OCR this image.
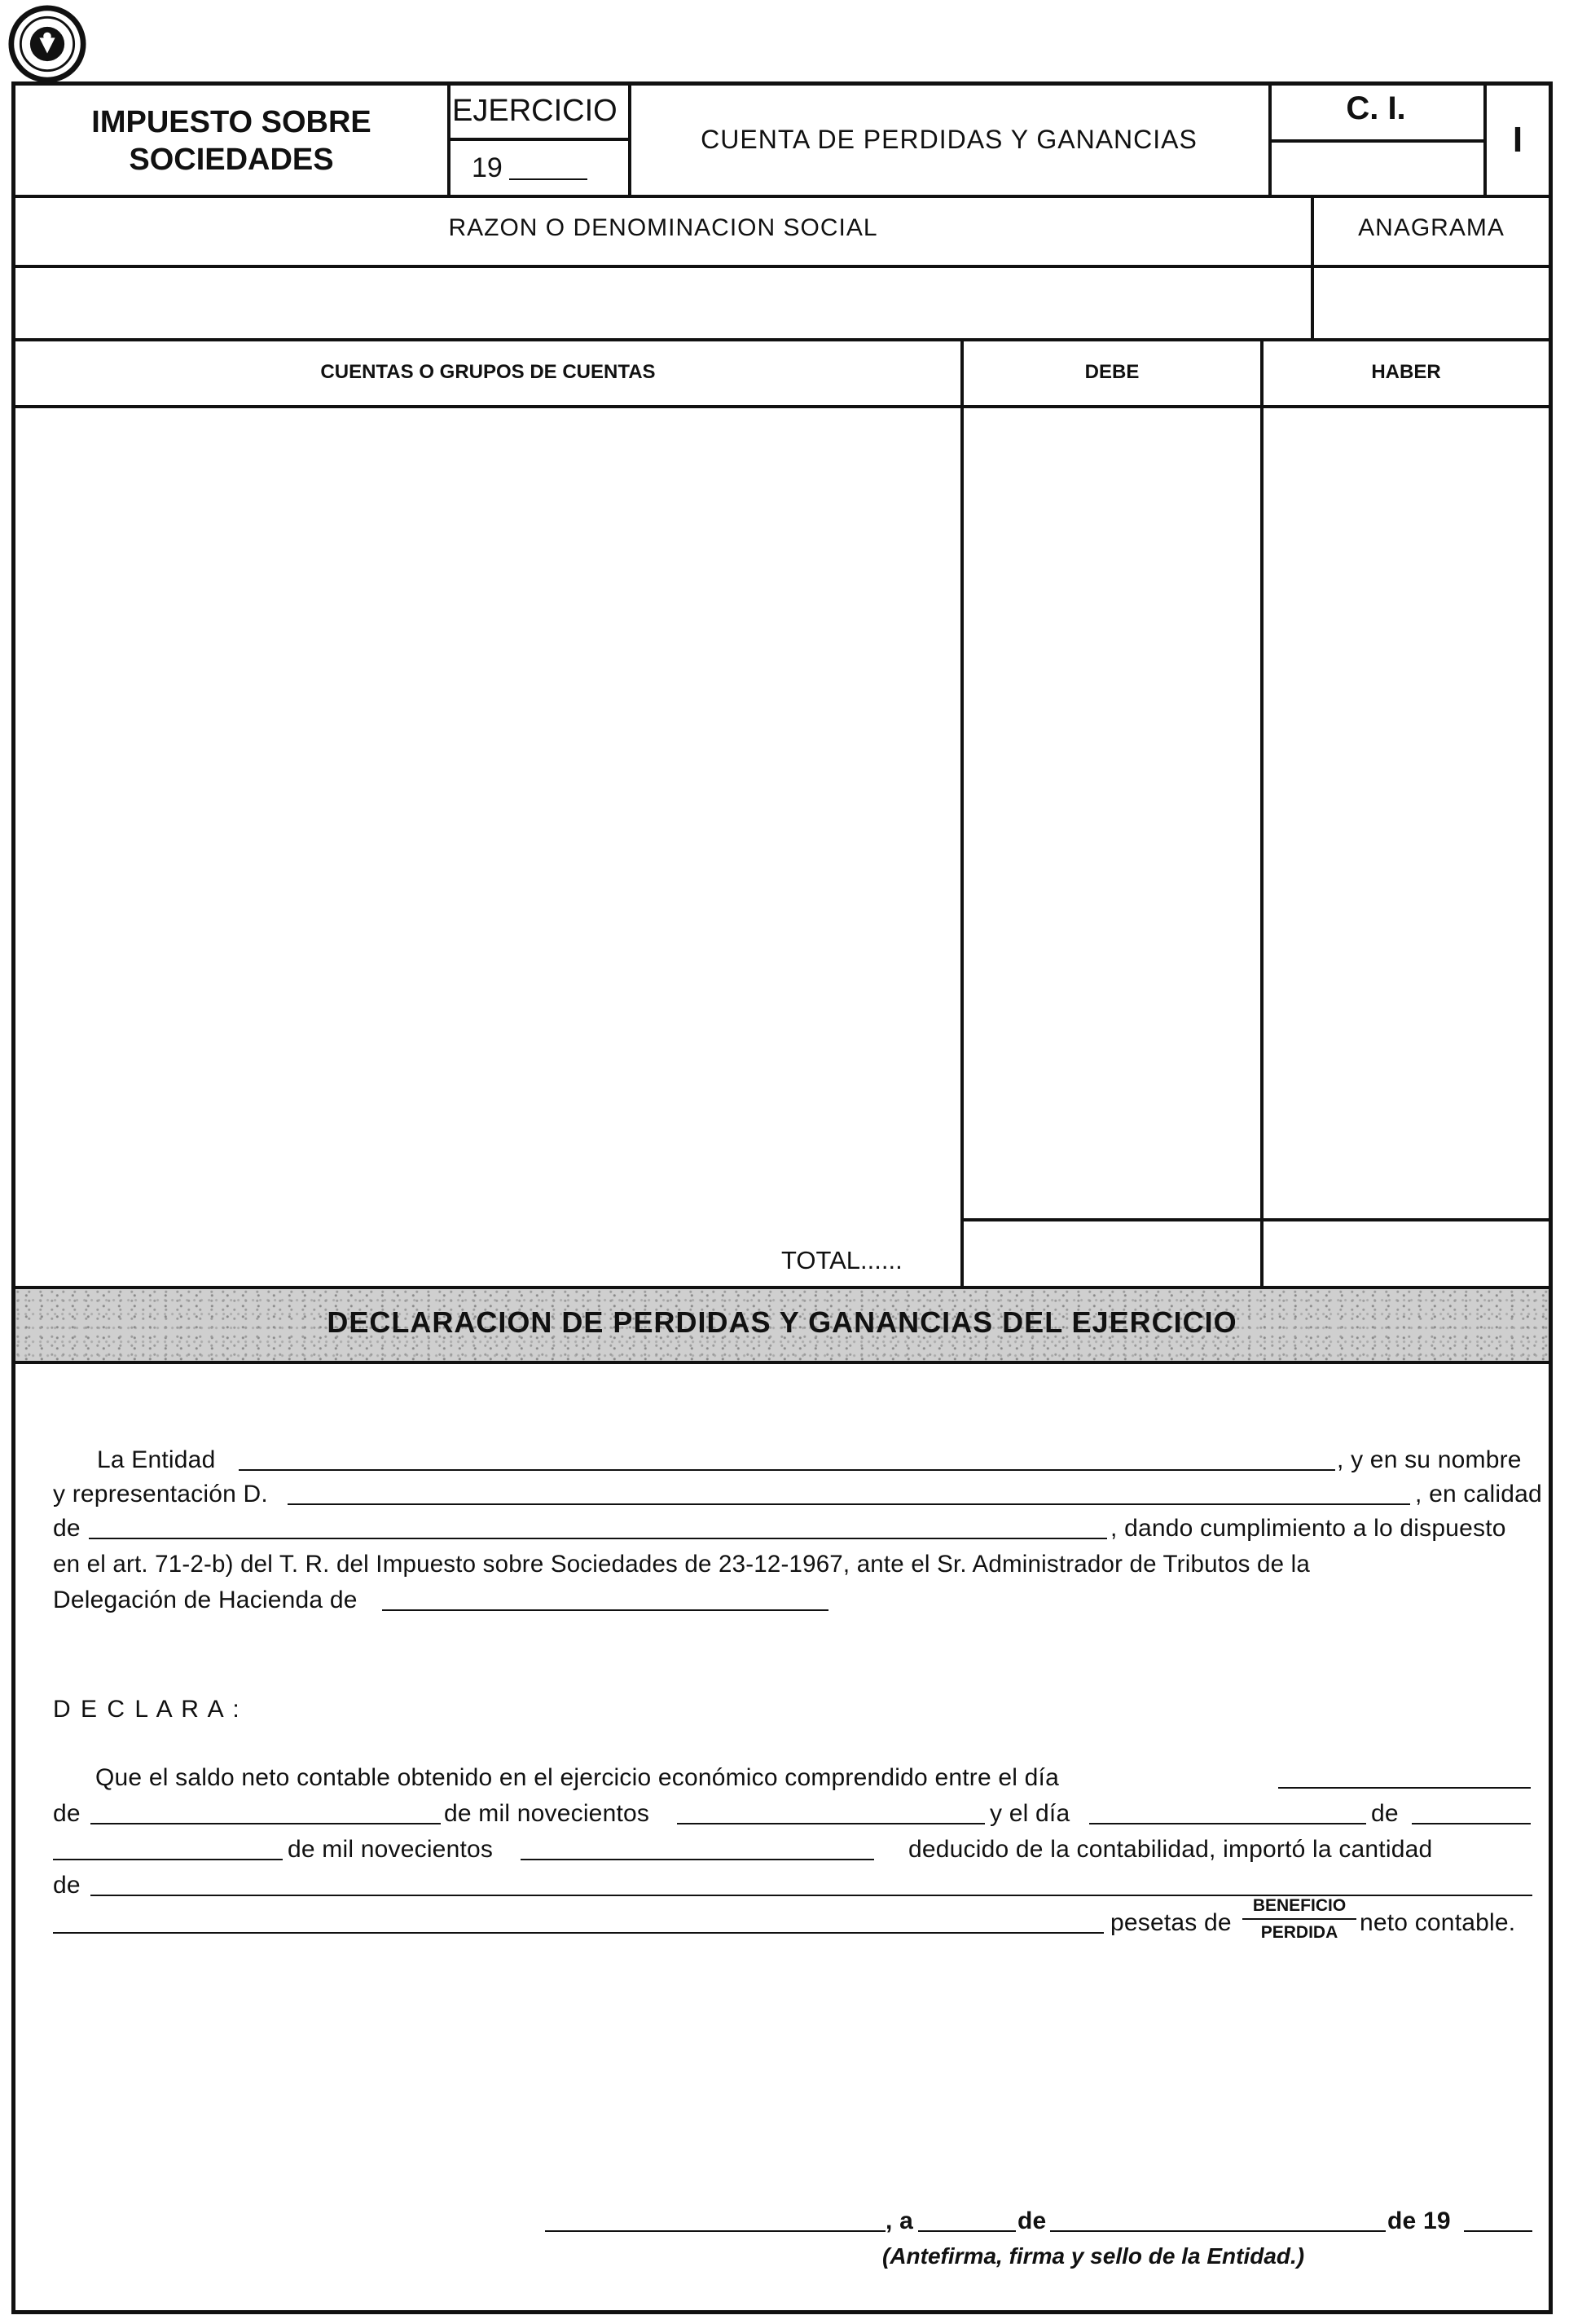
IMPUESTO SOBRE
SOCIEDADES
EJERCICIO
19
CUENTA DE PERDIDAS Y GANANCIAS
C. I.
I
RAZON O DENOMINACION SOCIAL	ANAGRAMA
CUENTAS O GRUPOS DE CUENTAS	DEBE	HABER
TOTAL......
DECLARACION DE PERDIDAS Y GANANCIAS DEL EJERCICIO
La Entidad	, y en su nombre
y representación D.	, en calidad
de	, dando cumplimiento a lo dispuesto
en el art. 71-2-b) del T. R. del Impuesto sobre Sociedades de 23-12-1967, ante el Sr. Administrador de Tributos de la
Delegación de Hacienda de
D E C L A R A :
Que el saldo neto contable obtenido en el ejercicio económico comprendido entre el día
de	de mil novecientos	y el día	de
de mil novecientos	deducido de la contabilidad, importó la cantidad
de
pesetas de
BENEFICIO
PERDIDA neto contable.
, a	de	de 19
(Antefirma, firma y sello de la Entidad.)
